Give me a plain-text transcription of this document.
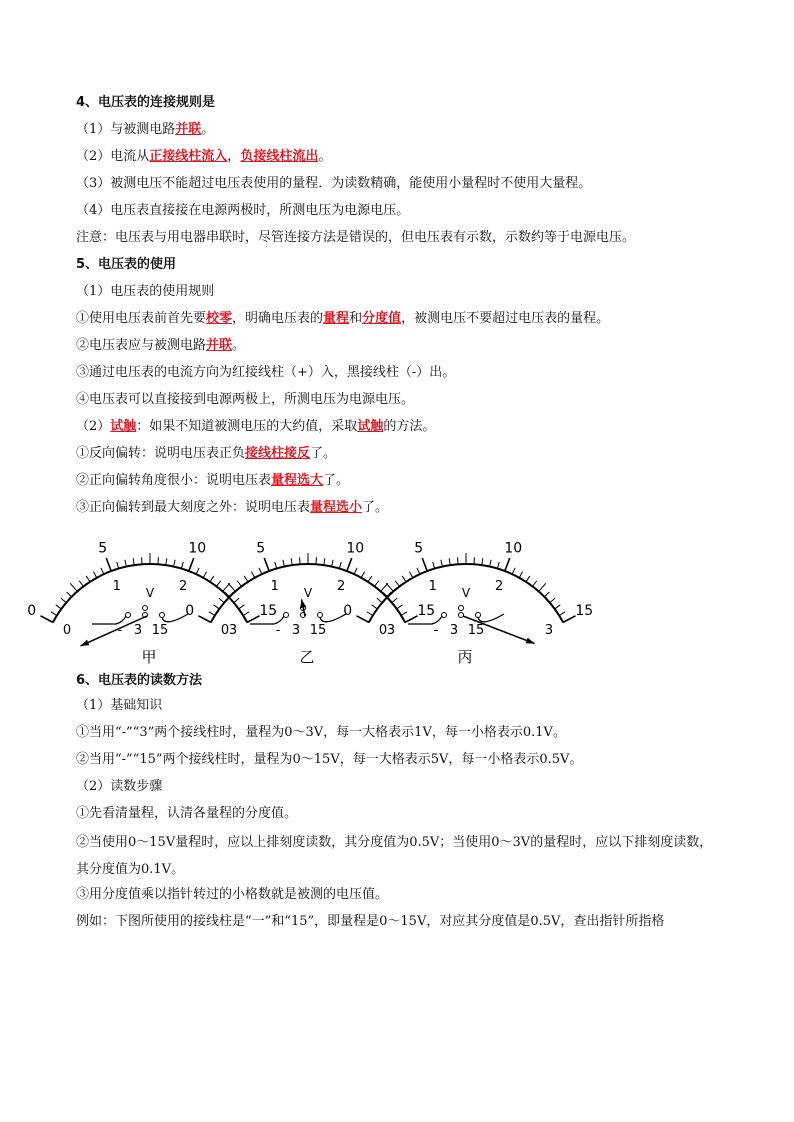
4、电压表的连接规则是
（1）与被测电路并联。
（2）电流从正接线柱流入，负接线柱流出。
（3）被测电压不能超过电压表使用的量程．为读数精确，能使用小量程时不使用大量程。
（4）电压表直接接在电源两极时，所测电压为电源电压。
注意：电压表与用电器串联时，尽管连接方法是错误的，但电压表有示数，示数约等于电源电压。
5、电压表的使用
（1）电压表的使用规则
①使用电压表前首先要校零，明确电压表的量程和分度值，被测电压不要超过电压表的量程。
②电压表应与被测电路并联。
③通过电压表的电流方向为红接线柱（+）入，黑接线柱（-）出。
④电压表可以直接接到电源两极上，所测电压为电源电压。
（2）试触：如果不知道被测电压的大约值，采取试触的方法。
①反向偏转：说明电压表正负接线柱接反了。
②正向偏转角度很小：说明电压表量程选大了。
③正向偏转到最大刻度之外：说明电压表量程选小了。
0
5	10
15
0
1	2
3
V
- 3 15
甲
0
5	10
15
0
1	2
3
V
- 3 15
乙
0
5	10
15
0
1	2
3
V
- 3 15
丙
6、电压表的读数方法
（1）基础知识
①当用“-”“3”两个接线柱时，量程为0～3V，每一大格表示1V，每一小格表示0.1V。
②当用“-”“15”两个接线柱时，量程为0～15V，每一大格表示5V，每一小格表示0.5V。
（2）读数步骤
①先看清量程，认清各量程的分度值。
②当使用0～15V量程时，应以上排刻度读数，其分度值为0.5V；当使用0～3V的量程时，应以下排刻度读数，其分度值为0.1V。
③用分度值乘以指针转过的小格数就是被测的电压值。
例如：下图所使用的接线柱是“一”和“15”，即量程是0～15V，对应其分度值是0.5V，查出指针所指格
